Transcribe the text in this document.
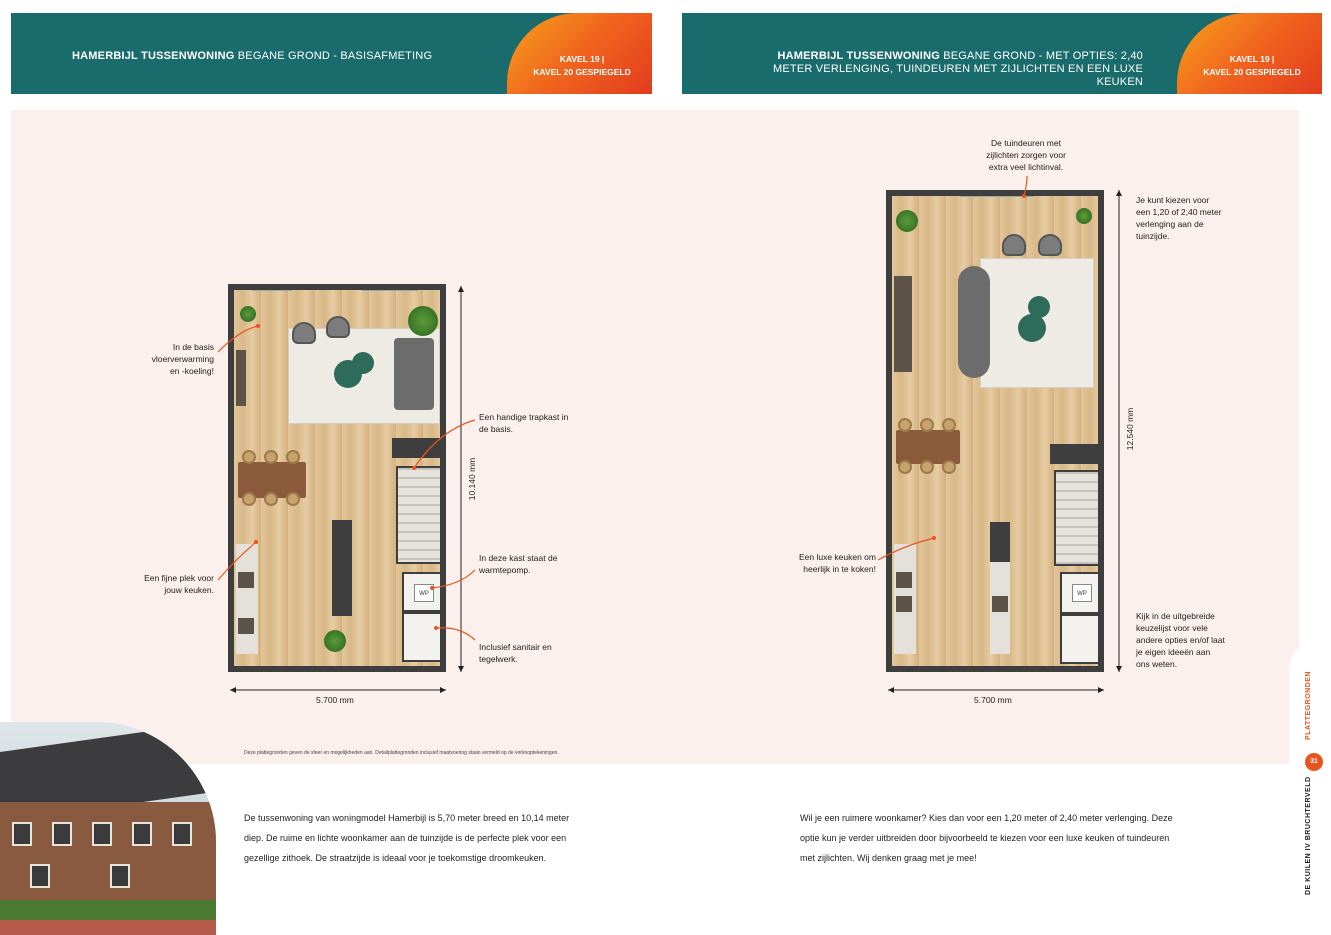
HAMERBIJL TUSSENWONING BEGANE GROND - BASISAFMETING	KAVEL 19 |
KAVEL 20 GESPIEGELD
HAMERBIJL TUSSENWONING BEGANE GROND - MET OPTIES: 2,40 METER VERLENGING, TUINDEUREN MET ZIJLICHTEN EN EEN LUXE KEUKEN
KAVEL 19 |
KAVEL 20 GESPIEGELD
WP	WP
In de basis vloerverwarming en -koeling!
Een fijne plek voor jouw keuken.
Een handige trapkast in de basis.
In deze kast staat de warmtepomp.
Inclusief sanitair en tegelwerk.
5.700 mm
10.140 mm
De tuindeuren met zijlichten zorgen voor extra veel lichtinval.
Je kunt kiezen voor een 1,20 of 2,40 meter verlenging aan de tuinzijde.
Een luxe keuken om heerlijk in te koken!
Kijk in de uitgebreide keuzelijst voor vele andere opties en/of laat je eigen ideeën aan ons weten.
5.700 mm
12.540 mm
Deze plattegronden geven de sfeer en mogelijkheden aan. Detailplattegronden inclusief maatvoering staan vermeld op de verkooptekeningen.
De tussenwoning van woningmodel Hamerbijl is 5,70 meter breed en 10,14 meter diep. De ruime en lichte woonkamer aan de tuinzijde is de perfecte plek voor een gezellige zithoek. De straatzijde is ideaal voor je toekomstige droomkeuken.
Wil je een ruimere woonkamer? Kies dan voor een 1,20 meter of 2,40 meter verlenging. Deze optie kun je verder uitbreiden door bijvoorbeeld te kiezen voor een luxe keuken of tuindeuren met zijlichten. Wij denken graag met je mee!
PLATTEGRONDEN
31
DE KUILEN IV BRUCHTERVELD
